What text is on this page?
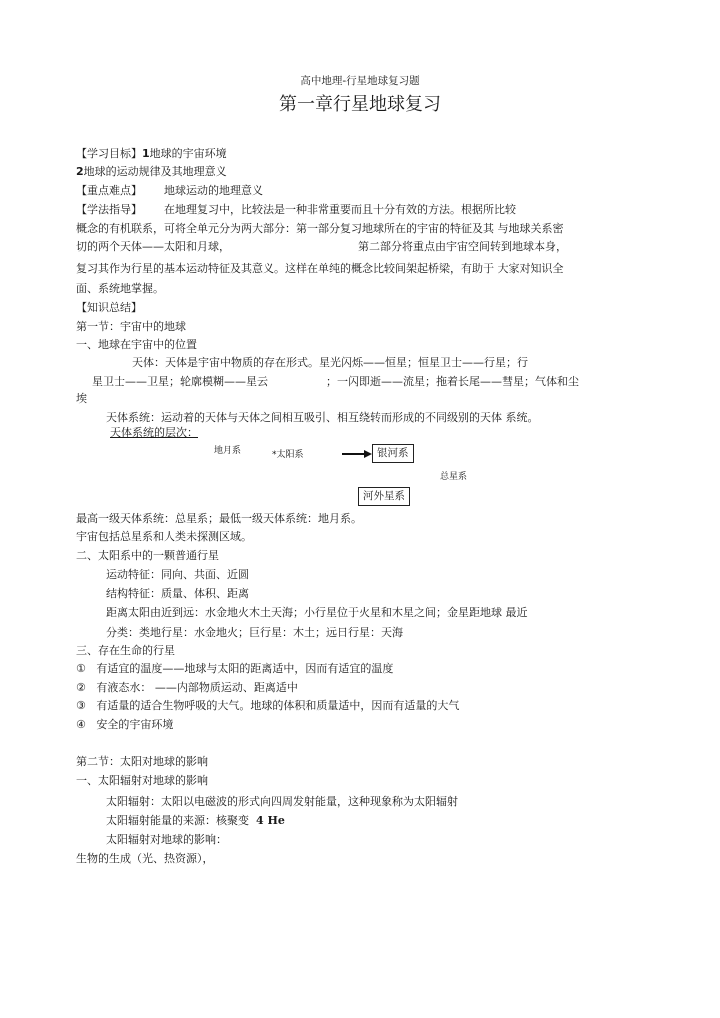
高中地理-行星地球复习题
第一章行星地球复习
【学习目标】1地球的宇宙环境
2地球的运动规律及其地理意义
【重点难点】 地球运动的地理意义
【学法指导】 在地理复习中，比较法是一种非常重要而且十分有效的方法。根据所比较
概念的有机联系，可将全单元分为两大部分：第一部分复习地球所在的宇宙的特征及其 与地球关系密
切的两个天体——太阳和月球，	第二部分将重点由宇宙空间转到地球本身，
复习其作为行星的基本运动特征及其意义。这样在单纯的概念比较间架起桥梁，有助于 大家对知识全
面、系统地掌握。
【知识总结】
第一节：宇宙中的地球
一、地球在宇宙中的位置
天体：天体是宇宙中物质的存在形式。星光闪烁——恒星；恒星卫士——行星；行
星卫士——卫星；轮廓模糊——星云	；一闪即逝——流星；拖着长尾——彗星；气体和尘
埃
天体系统：运动着的天体与天体之间相互吸引、相互绕转而形成的不同级别的天体 系统。
天体系统的层次：
地月系	*太阳系	银河系
总星系
河外星系
最高一级天体系统：总星系；最低一级天体系统：地月系。
宇宙包括总星系和人类未探测区域。
二、太阳系中的一颗普通行星
运动特征：同向、共面、近圆
结构特征：质量、体积、距离
距离太阳由近到远：水金地火木土天海；小行星位于火星和木星之间；金星距地球 最近
分类：类地行星：水金地火；巨行星：木土；远日行星：天海
三、存在生命的行星
① 有适宜的温度——地球与太阳的距离适中，因而有适宜的温度
② 有液态水： ——内部物质运动、距离适中
③ 有适量的适合生物呼吸的大气。地球的体积和质量适中，因而有适量的大气
④ 安全的宇宙环境
第二节：太阳对地球的影响
一、太阳辐射对地球的影响
太阳辐射：太阳以电磁波的形式向四周发射能量，这种现象称为太阳辐射
太阳辐射能量的来源：核聚变 4 He
太阳辐射对地球的影响：
生物的生成（光、热资源），
